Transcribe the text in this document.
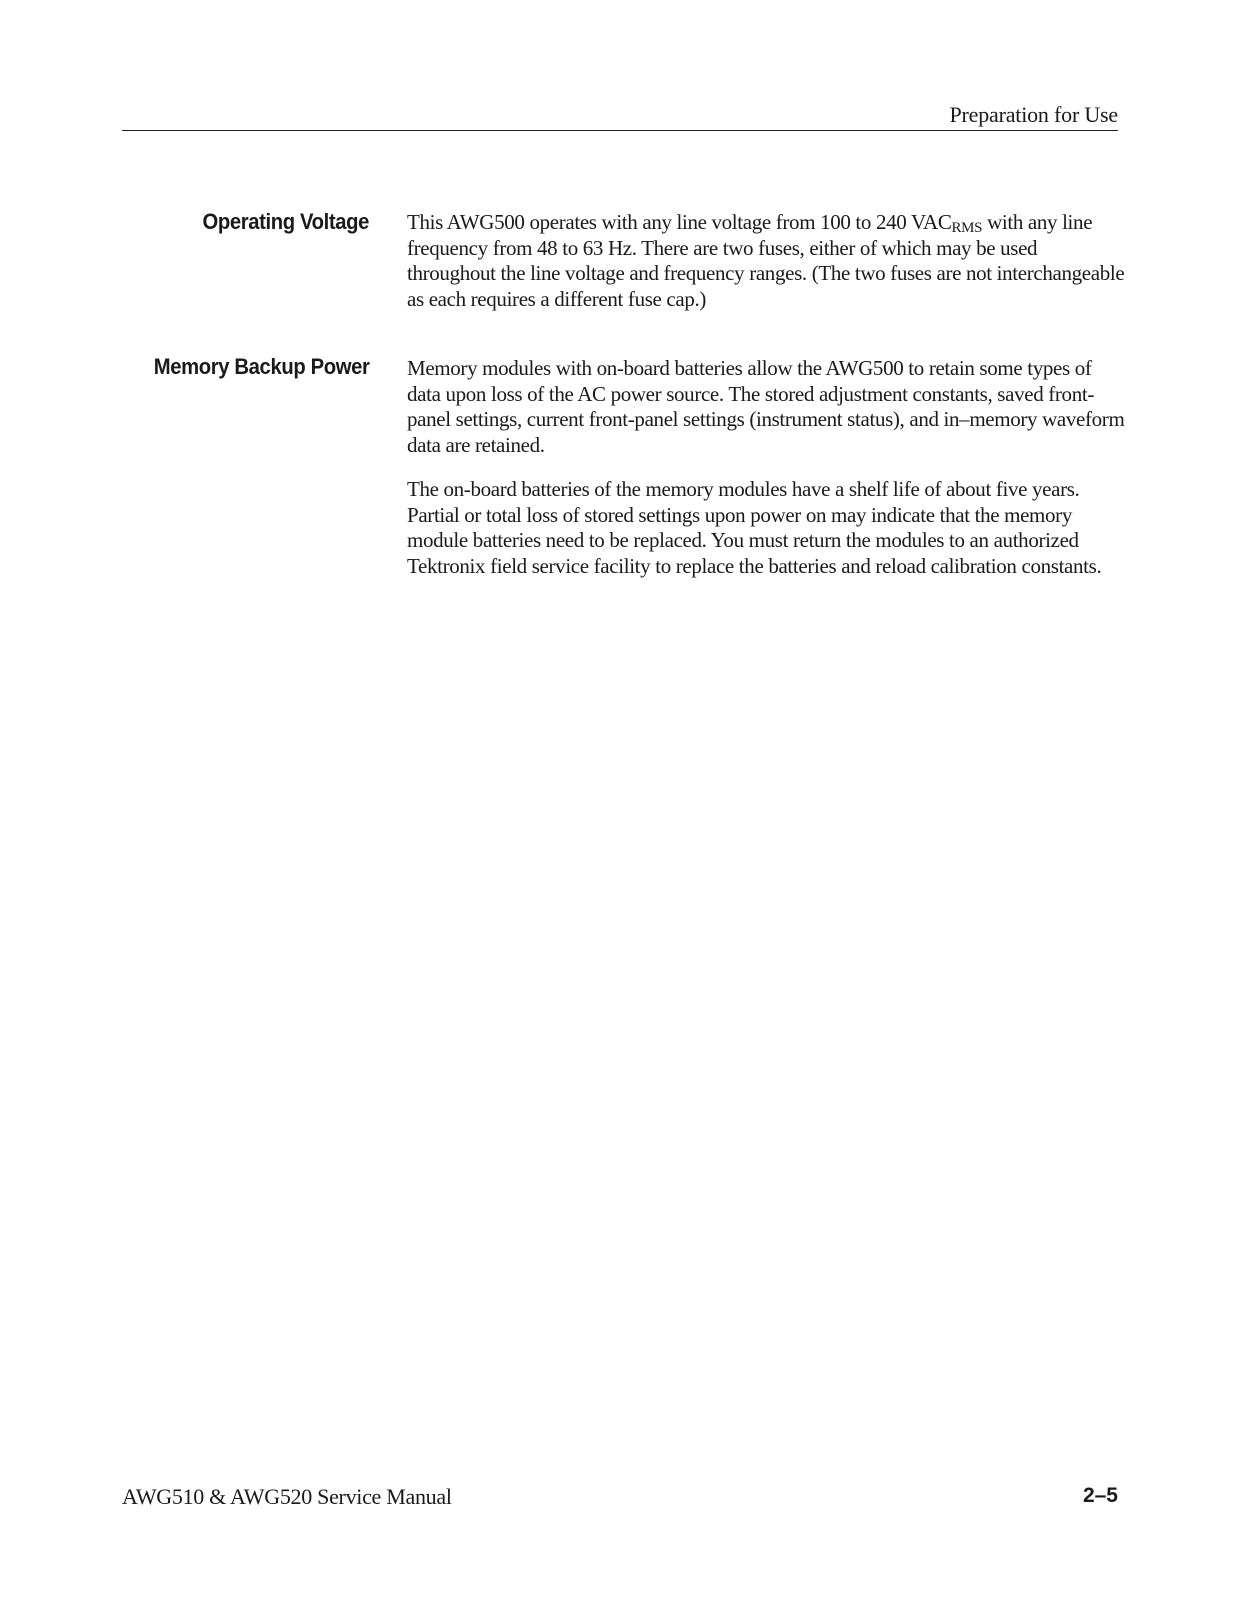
Preparation for Use
Operating Voltage This AWG500 operates with any line voltage from 100 to 240 $VAC_{RMS}$ with any line frequency from 48 to 63 Hz. There are two fuses, either of which may be used throughout the line voltage and frequency ranges. (The two fuses are not interchangeable as each requires a different fuse cap.)

Memory Backup Power Memory modules with on-board batteries allow the AWG500 to retain some types of data upon loss of the AC power source. The stored adjustment constants, saved front-panel settings, current front-panel settings (instrument status), and in–memory waveform data are retained.

The on-board batteries of the memory modules have a shelf life of about five years. Partial or total loss of stored settings upon power on may indicate that the memory module batteries need to be replaced. You must return the modules to an authorized Tektronix field service facility to replace the batteries and reload calibration constants.

AWG510 & AWG520 Service Manual	2–5
